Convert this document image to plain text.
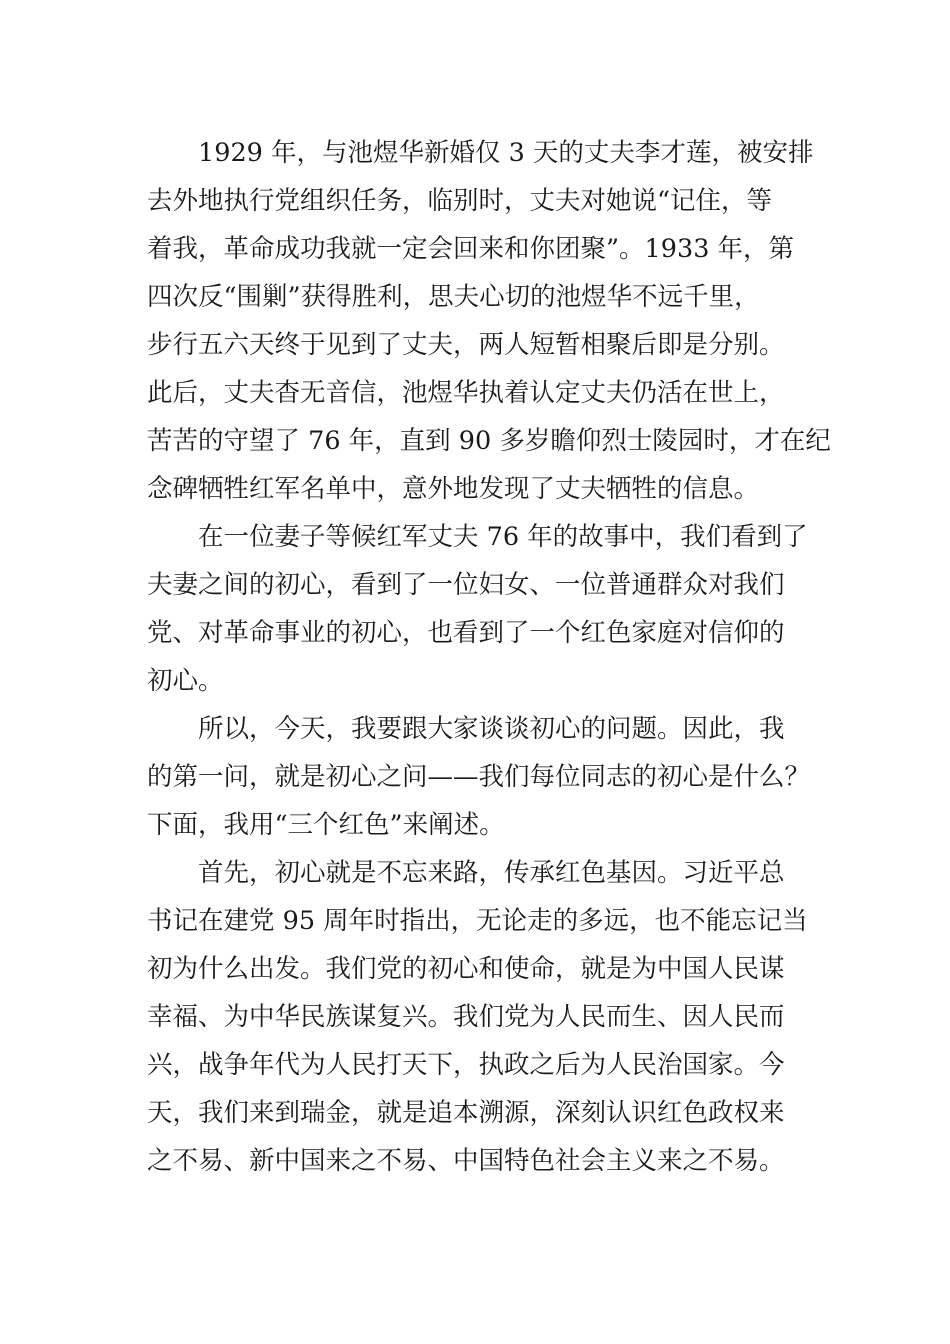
　　1929 年，与池煜华新婚仅 3 天的丈夫李才莲，被安排
去外地执行党组织任务，临别时，丈夫对她说“记住，等
着我，革命成功我就一定会回来和你团聚”。1933 年，第
四次反“围剿”获得胜利，思夫心切的池煜华不远千里，
步行五六天终于见到了丈夫，两人短暂相聚后即是分别。
此后，丈夫杳无音信，池煜华执着认定丈夫仍活在世上，
苦苦的守望了 76 年，直到 90 多岁瞻仰烈士陵园时，才在纪
念碑牺牲红军名单中，意外地发现了丈夫牺牲的信息。
　　在一位妻子等候红军丈夫 76 年的故事中，我们看到了
夫妻之间的初心，看到了一位妇女、一位普通群众对我们
党、对革命事业的初心，也看到了一个红色家庭对信仰的
初心。
　　所以，今天，我要跟大家谈谈初心的问题。因此，我
的第一问，就是初心之问——我们每位同志的初心是什么？
下面，我用“三个红色”来阐述。
　　首先，初心就是不忘来路，传承红色基因。习近平总
书记在建党 95 周年时指出，无论走的多远，也不能忘记当
初为什么出发。我们党的初心和使命，就是为中国人民谋
幸福、为中华民族谋复兴。我们党为人民而生、因人民而
兴，战争年代为人民打天下，执政之后为人民治国家。今
天，我们来到瑞金，就是追本溯源，深刻认识红色政权来
之不易、新中国来之不易、中国特色社会主义来之不易。
